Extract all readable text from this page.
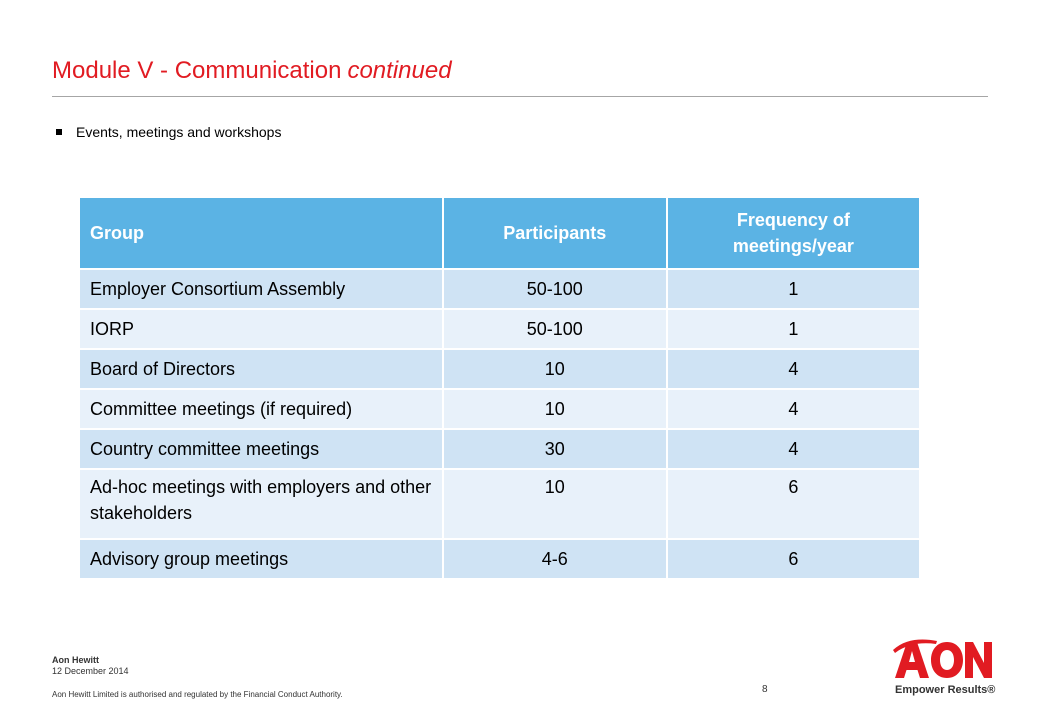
Module V - Communication continued
Events, meetings and workshops
Group	Participants	Frequency of meetings/year
Employer Consortium Assembly	50-100	1
IORP	50-100	1
Board of Directors	10	4
Committee meetings (if required)	10	4
Country committee meetings	30	4
Ad-hoc meetings with employers and other stakeholders	10	6
Advisory group meetings	4-6	6
Aon Hewitt
12 December 2014
Aon Hewitt Limited is authorised and regulated by the Financial Conduct Authority.	8	Empower Results®
